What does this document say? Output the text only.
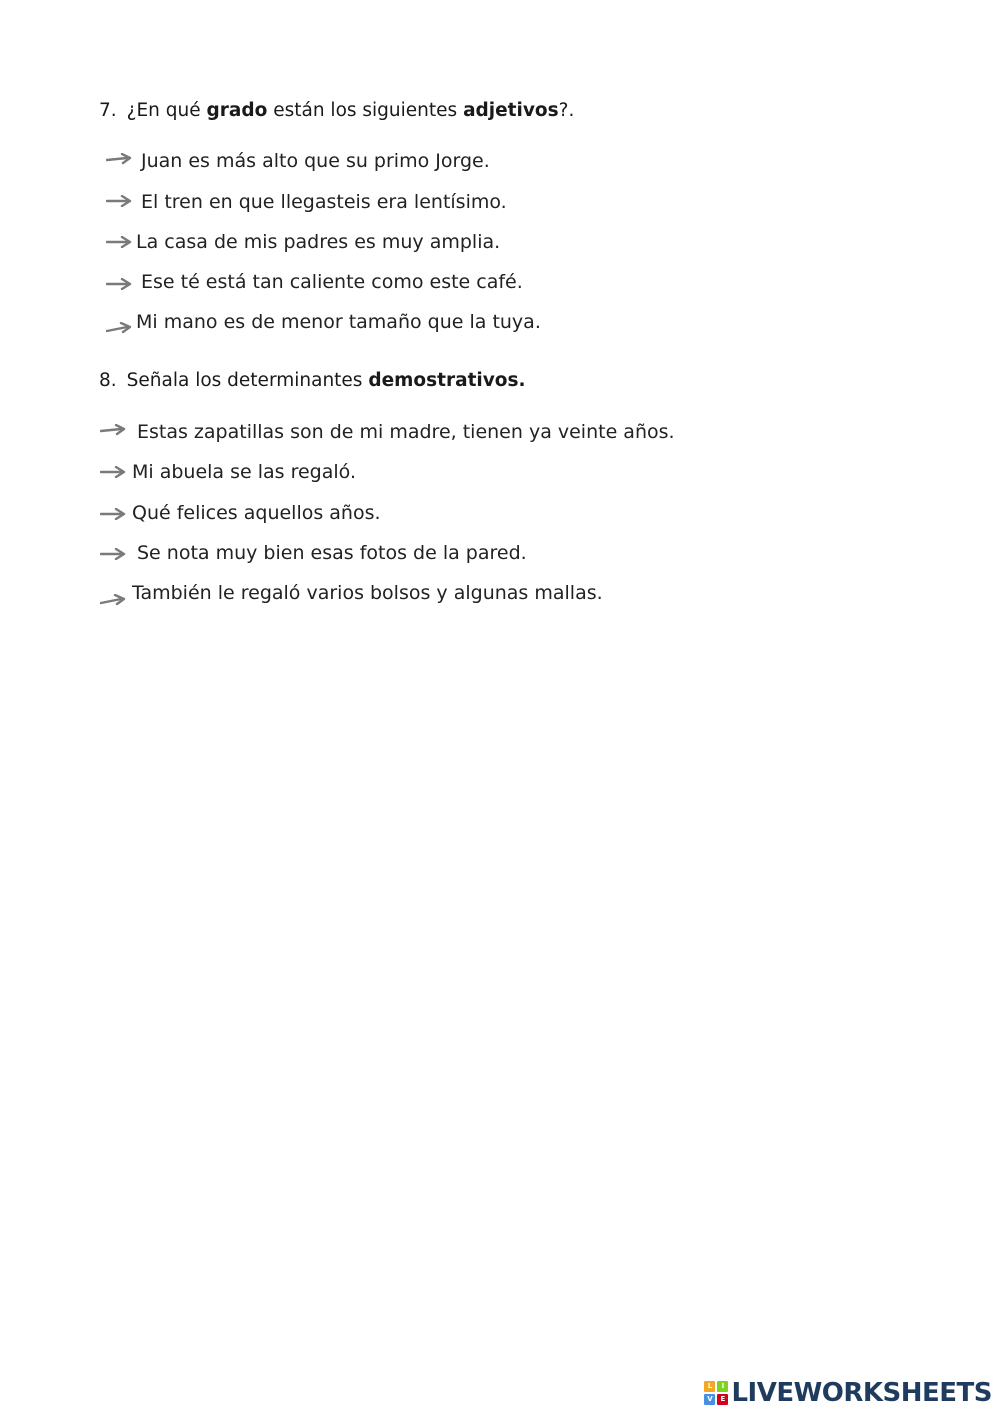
7. ¿En qué grado están los siguientes adjetivos?.
Juan es más alto que su primo Jorge.
El tren en que llegasteis era lentísimo.
La casa de mis padres es muy amplia.
Ese té está tan caliente como este café.
Mi mano es de menor tamaño que la tuya.
8. Señala los determinantes demostrativos.
Estas zapatillas son de mi madre, tienen ya veinte años.
Mi abuela se las regaló.
Qué felices aquellos años.
Se nota muy bien esas fotos de la pared.
También le regaló varios bolsos y algunas mallas.
L	I
V	E LIVEWORKSHEETS
